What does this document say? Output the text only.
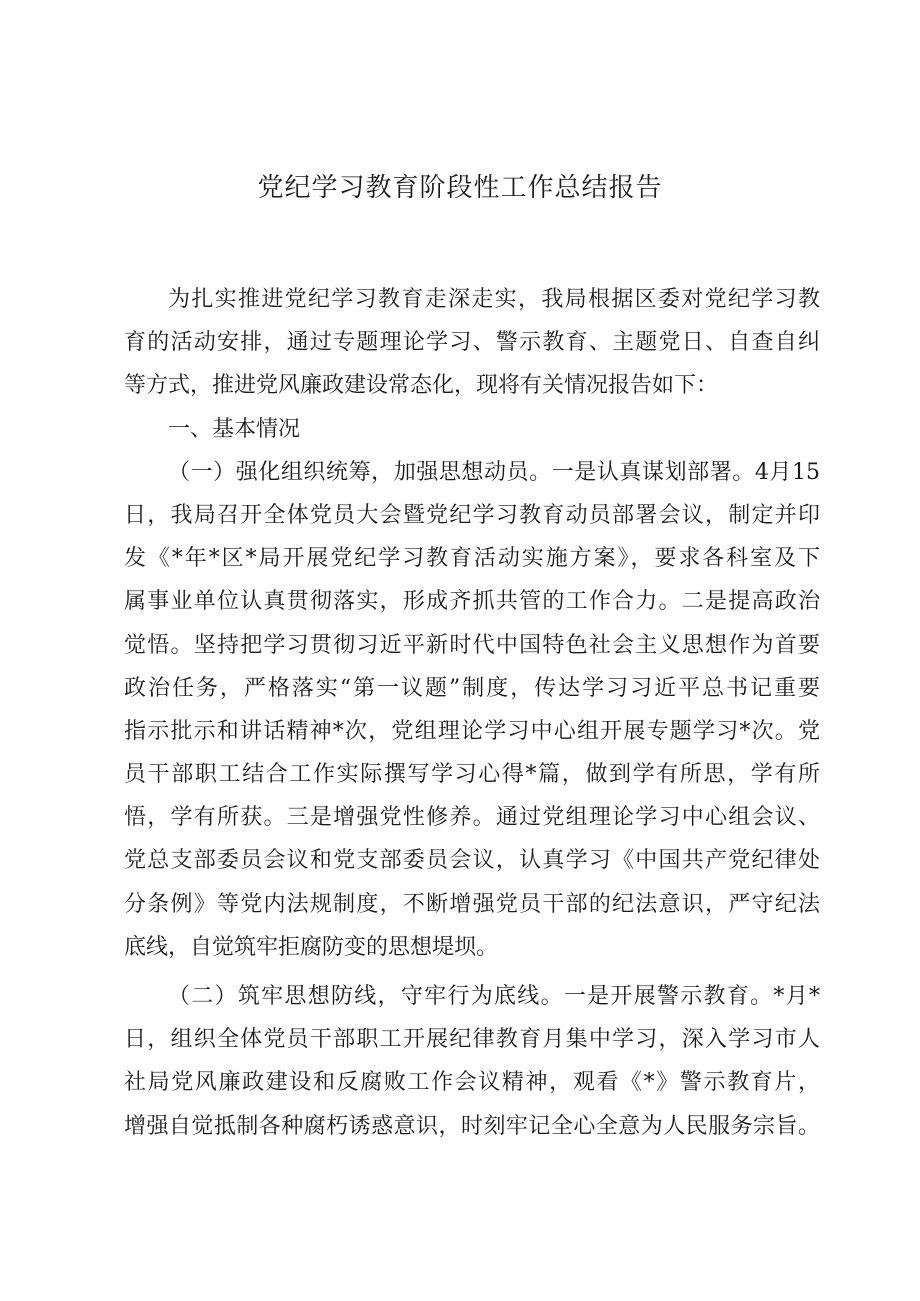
党纪学习教育阶段性工作总结报告
为扎实推进党纪学习教育走深走实，我局根据区委对党纪学习教
育的活动安排，通过专题理论学习、警示教育、主题党日、自查自纠
等方式，推进党风廉政建设常态化，现将有关情况报告如下：
一、基本情况
（一）强化组织统筹，加强思想动员。一是认真谋划部署。4月15
日，我局召开全体党员大会暨党纪学习教育动员部署会议，制定并印
发《*年*区*局开展党纪学习教育活动实施方案》，要求各科室及下
属事业单位认真贯彻落实，形成齐抓共管的工作合力。二是提高政治
觉悟。坚持把学习贯彻习近平新时代中国特色社会主义思想作为首要
政治任务，严格落实“第一议题”制度，传达学习习近平总书记重要
指示批示和讲话精神*次，党组理论学习中心组开展专题学习*次。党
员干部职工结合工作实际撰写学习心得*篇，做到学有所思，学有所
悟，学有所获。三是增强党性修养。通过党组理论学习中心组会议、
党总支部委员会议和党支部委员会议，认真学习《中国共产党纪律处
分条例》等党内法规制度，不断增强党员干部的纪法意识，严守纪法
底线，自觉筑牢拒腐防变的思想堤坝。
（二）筑牢思想防线，守牢行为底线。一是开展警示教育。*月*
日，组织全体党员干部职工开展纪律教育月集中学习，深入学习市人
社局党风廉政建设和反腐败工作会议精神，观看《*》警示教育片，
增强自觉抵制各种腐朽诱惑意识，时刻牢记全心全意为人民服务宗旨。
